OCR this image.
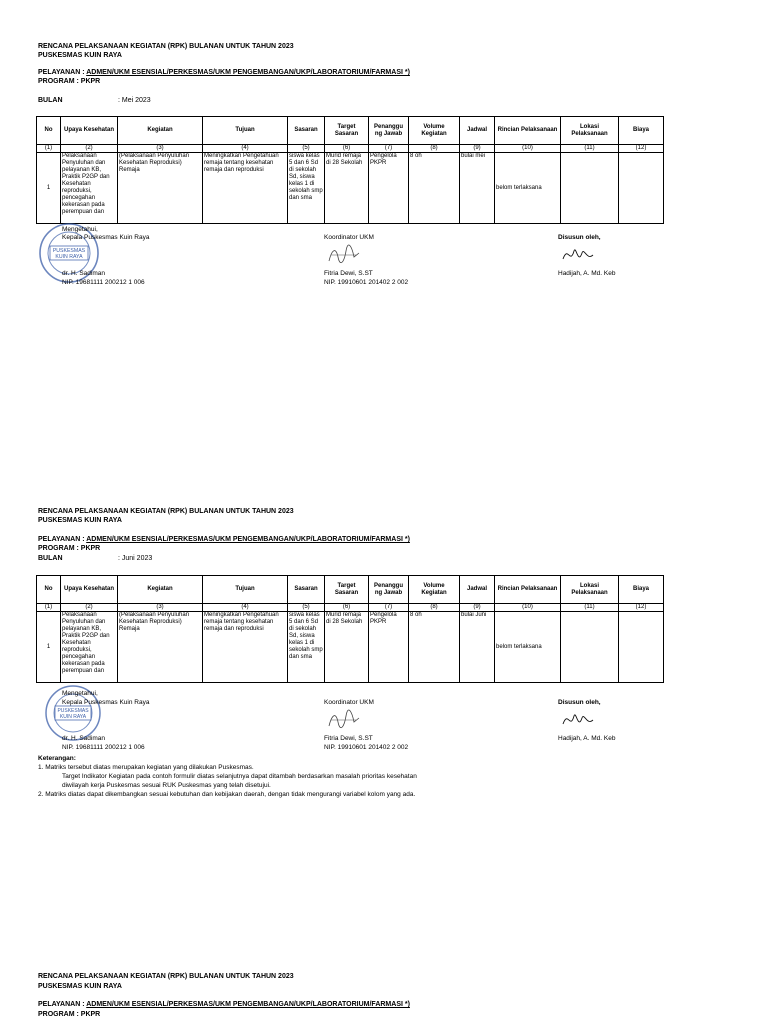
RENCANA PELAKSANAAN KEGIATAN (RPK) BULANAN UNTUK TAHUN 2023
PUSKESMAS KUIN RAYA
PELAYANAN : ADMEN/UKM ESENSIAL/PERKESMAS/UKM PENGEMBANGAN/UKP/LABORATORIUM/FARMASI *)
PROGRAM : PKPR
BULAN	: Mei 2023
No	Upaya Kesehatan	Kegiatan	Tujuan	Sasaran	Target Sasaran	Penanggu ng Jawab	Volume Kegiatan	Jadwal	Rincian Pelaksanaan	Lokasi Pelaksanaan	Biaya
(1)	(2)	(3)	(4)	(5)	(6)	(7)	(8)	(9)	(10)	(11)	(12)
1	Pelaksanaan Penyuluhan dan pelayanan KB, Praktik P2GP dan Kesehatan reproduksi, pencegahan kekerasan pada perempuan dan	(Pelaksanaan Penyuluhan Kesehatan Reproduksi) Remaja	Meningkatkan Pengetahuan remaja tentang kesehatan remaja dan reproduksi	siswa kelas 5 dan 6 Sd di sekolah Sd, siswa kelas 1 di sekolah smp dan sma	Murid remaja di 28 Sekolah	Pengelola PKPR	8 oh	bulai mei	belom terlaksana		
PUSKESMAS
KUIN RAYA
Mengetahui,
Kepala Puskesmas Kuin Raya
dr. H. Sadiman
NIP. 19681111 200212 1 006
Koordinator UKM
Fitria Dewi, S.ST
NIP. 19910601 201402 2 002
Disusun oleh,
Hadijah, A. Md. Keb
RENCANA PELAKSANAAN KEGIATAN (RPK) BULANAN UNTUK TAHUN 2023
PUSKESMAS KUIN RAYA
PELAYANAN : ADMEN/UKM ESENSIAL/PERKESMAS/UKM PENGEMBANGAN/UKP/LABORATORIUM/FARMASI *)
PROGRAM : PKPR
BULAN	: Juni 2023
No	Upaya Kesehatan	Kegiatan	Tujuan	Sasaran	Target Sasaran	Penanggu ng Jawab	Volume Kegiatan	Jadwal	Rincian Pelaksanaan	Lokasi Pelaksanaan	Biaya
(1)	(2)	(3)	(4)	(5)	(6)	(7)	(8)	(9)	(10)	(11)	(12)
1	Pelaksanaan Penyuluhan dan pelayanan KB, Praktik P2GP dan Kesehatan reproduksi, pencegahan kekerasan pada perempuan dan	(Pelaksanaan Penyuluhan Kesehatan Reproduksi) Remaja	Meningkatkan Pengetahuan remaja tentang kesehatan remaja dan reproduksi	siswa kelas 5 dan 6 Sd di sekolah Sd, siswa kelas 1 di sekolah smp dan sma	Murid remaja di 28 Sekolah	Pengelola PKPR	8 oh	bulai Juni	belom terlaksana		
PUSKESMAS
KUIN RAYA
Mengetahui,
Kepala Puskesmas Kuin Raya
dr. H. Sadiman
NIP. 19681111 200212 1 006
Koordinator UKM
Fitria Dewi, S.ST
NIP. 19910601 201402 2 002
Disusun oleh,
Hadijah, A. Md. Keb
Keterangan:
1. Matriks tersebut diatas merupakan kegiatan yang dilakukan Puskesmas.
Target Indikator Kegiatan pada contoh formulir diatas selanjutnya dapat ditambah berdasarkan masalah prioritas kesehatan
diwilayah kerja Puskesmas sesuai RUK Puskesmas yang telah disetujui.
2. Matriks diatas dapat dikembangkan sesuai kebutuhan dan kebijakan daerah, dengan tidak mengurangi variabel kolom yang ada.
RENCANA PELAKSANAAN KEGIATAN (RPK) BULANAN UNTUK TAHUN 2023
PUSKESMAS KUIN RAYA
PELAYANAN : ADMEN/UKM ESENSIAL/PERKESMAS/UKM PENGEMBANGAN/UKP/LABORATORIUM/FARMASI *)
PROGRAM : PKPR
